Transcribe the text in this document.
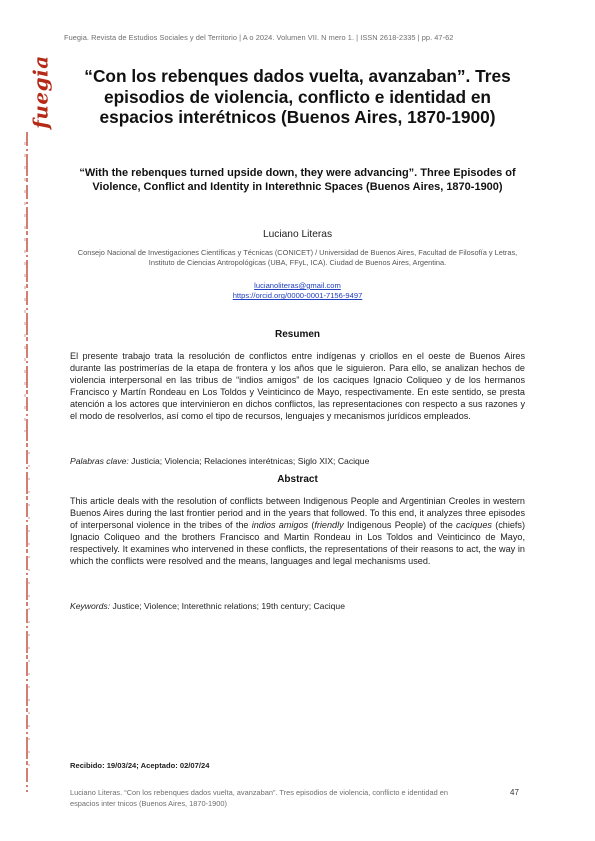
Fuegia. Revista de Estudios Sociales y del Territorio | A o 2024. Volumen VII. N mero 1. | ISSN 2618-2335 | pp. 47-62
fuegia	“Con los rebenques dados vuelta, avanzaban”. Tres episodios de violencia, conflicto e identidad en espacios interétnicos (Buenos Aires, 1870-1900)
“With the rebenques turned upside down, they were advancing”. Three Episodes of Violence, Conflict and Identity in Interethnic Spaces (Buenos Aires, 1870-1900)
Luciano Literas
Consejo Nacional de Investigaciones Científicas y Técnicas (CONICET) / Universidad de Buenos Aires, Facultad de Filosofía y Letras, Instituto de Ciencias Antropológicas (UBA, FFyL, ICA). Ciudad de Buenos Aires, Argentina.
lucianoliteras@gmail.com
https://orcid.org/0000-0001-7156-9497
Resumen
El presente trabajo trata la resolución de conflictos entre indígenas y criollos en el oeste de Buenos Aires durante las postrimerías de la etapa de frontera y los años que le siguieron. Para ello, se analizan hechos de violencia interpersonal en las tribus de “indios amigos” de los caciques Ignacio Coliqueo y de los hermanos Francisco y Martín Rondeau en Los Toldos y Veinticinco de Mayo, respectivamente. En este sentido, se presta atención a los actores que intervinieron en dichos conflictos, las representaciones con respecto a sus razones y el modo de resolverlos, así como el tipo de recursos, lenguajes y mecanismos jurídicos empleados.
Palabras clave: Justicia; Violencia; Relaciones interétnicas; Siglo XIX; Cacique
Abstract
This article deals with the resolution of conflicts between Indigenous People and Argentinian Creoles in western Buenos Aires during the last frontier period and in the years that followed. To this end, it analyzes three episodes of interpersonal violence in the tribes of the indios amigos (friendly Indigenous People) of the caciques (chiefs) Ignacio Coliqueo and the brothers Francisco and Martin Rondeau in Los Toldos and Veinticinco de Mayo, respectively. It examines who intervened in these conflicts, the representations of their reasons to act, the way in which the conflicts were resolved and the means, languages and legal mechanisms used.
Keywords: Justice; Violence; Interethnic relations; 19th century; Cacique
Recibido: 19/03/24; Aceptado: 02/07/24
Luciano Literas. “Con los rebenques dados vuelta, avanzaban”. Tres episodios de violencia, conflicto e identidad en espacios inter tnicos (Buenos Aires, 1870-1900)
47
